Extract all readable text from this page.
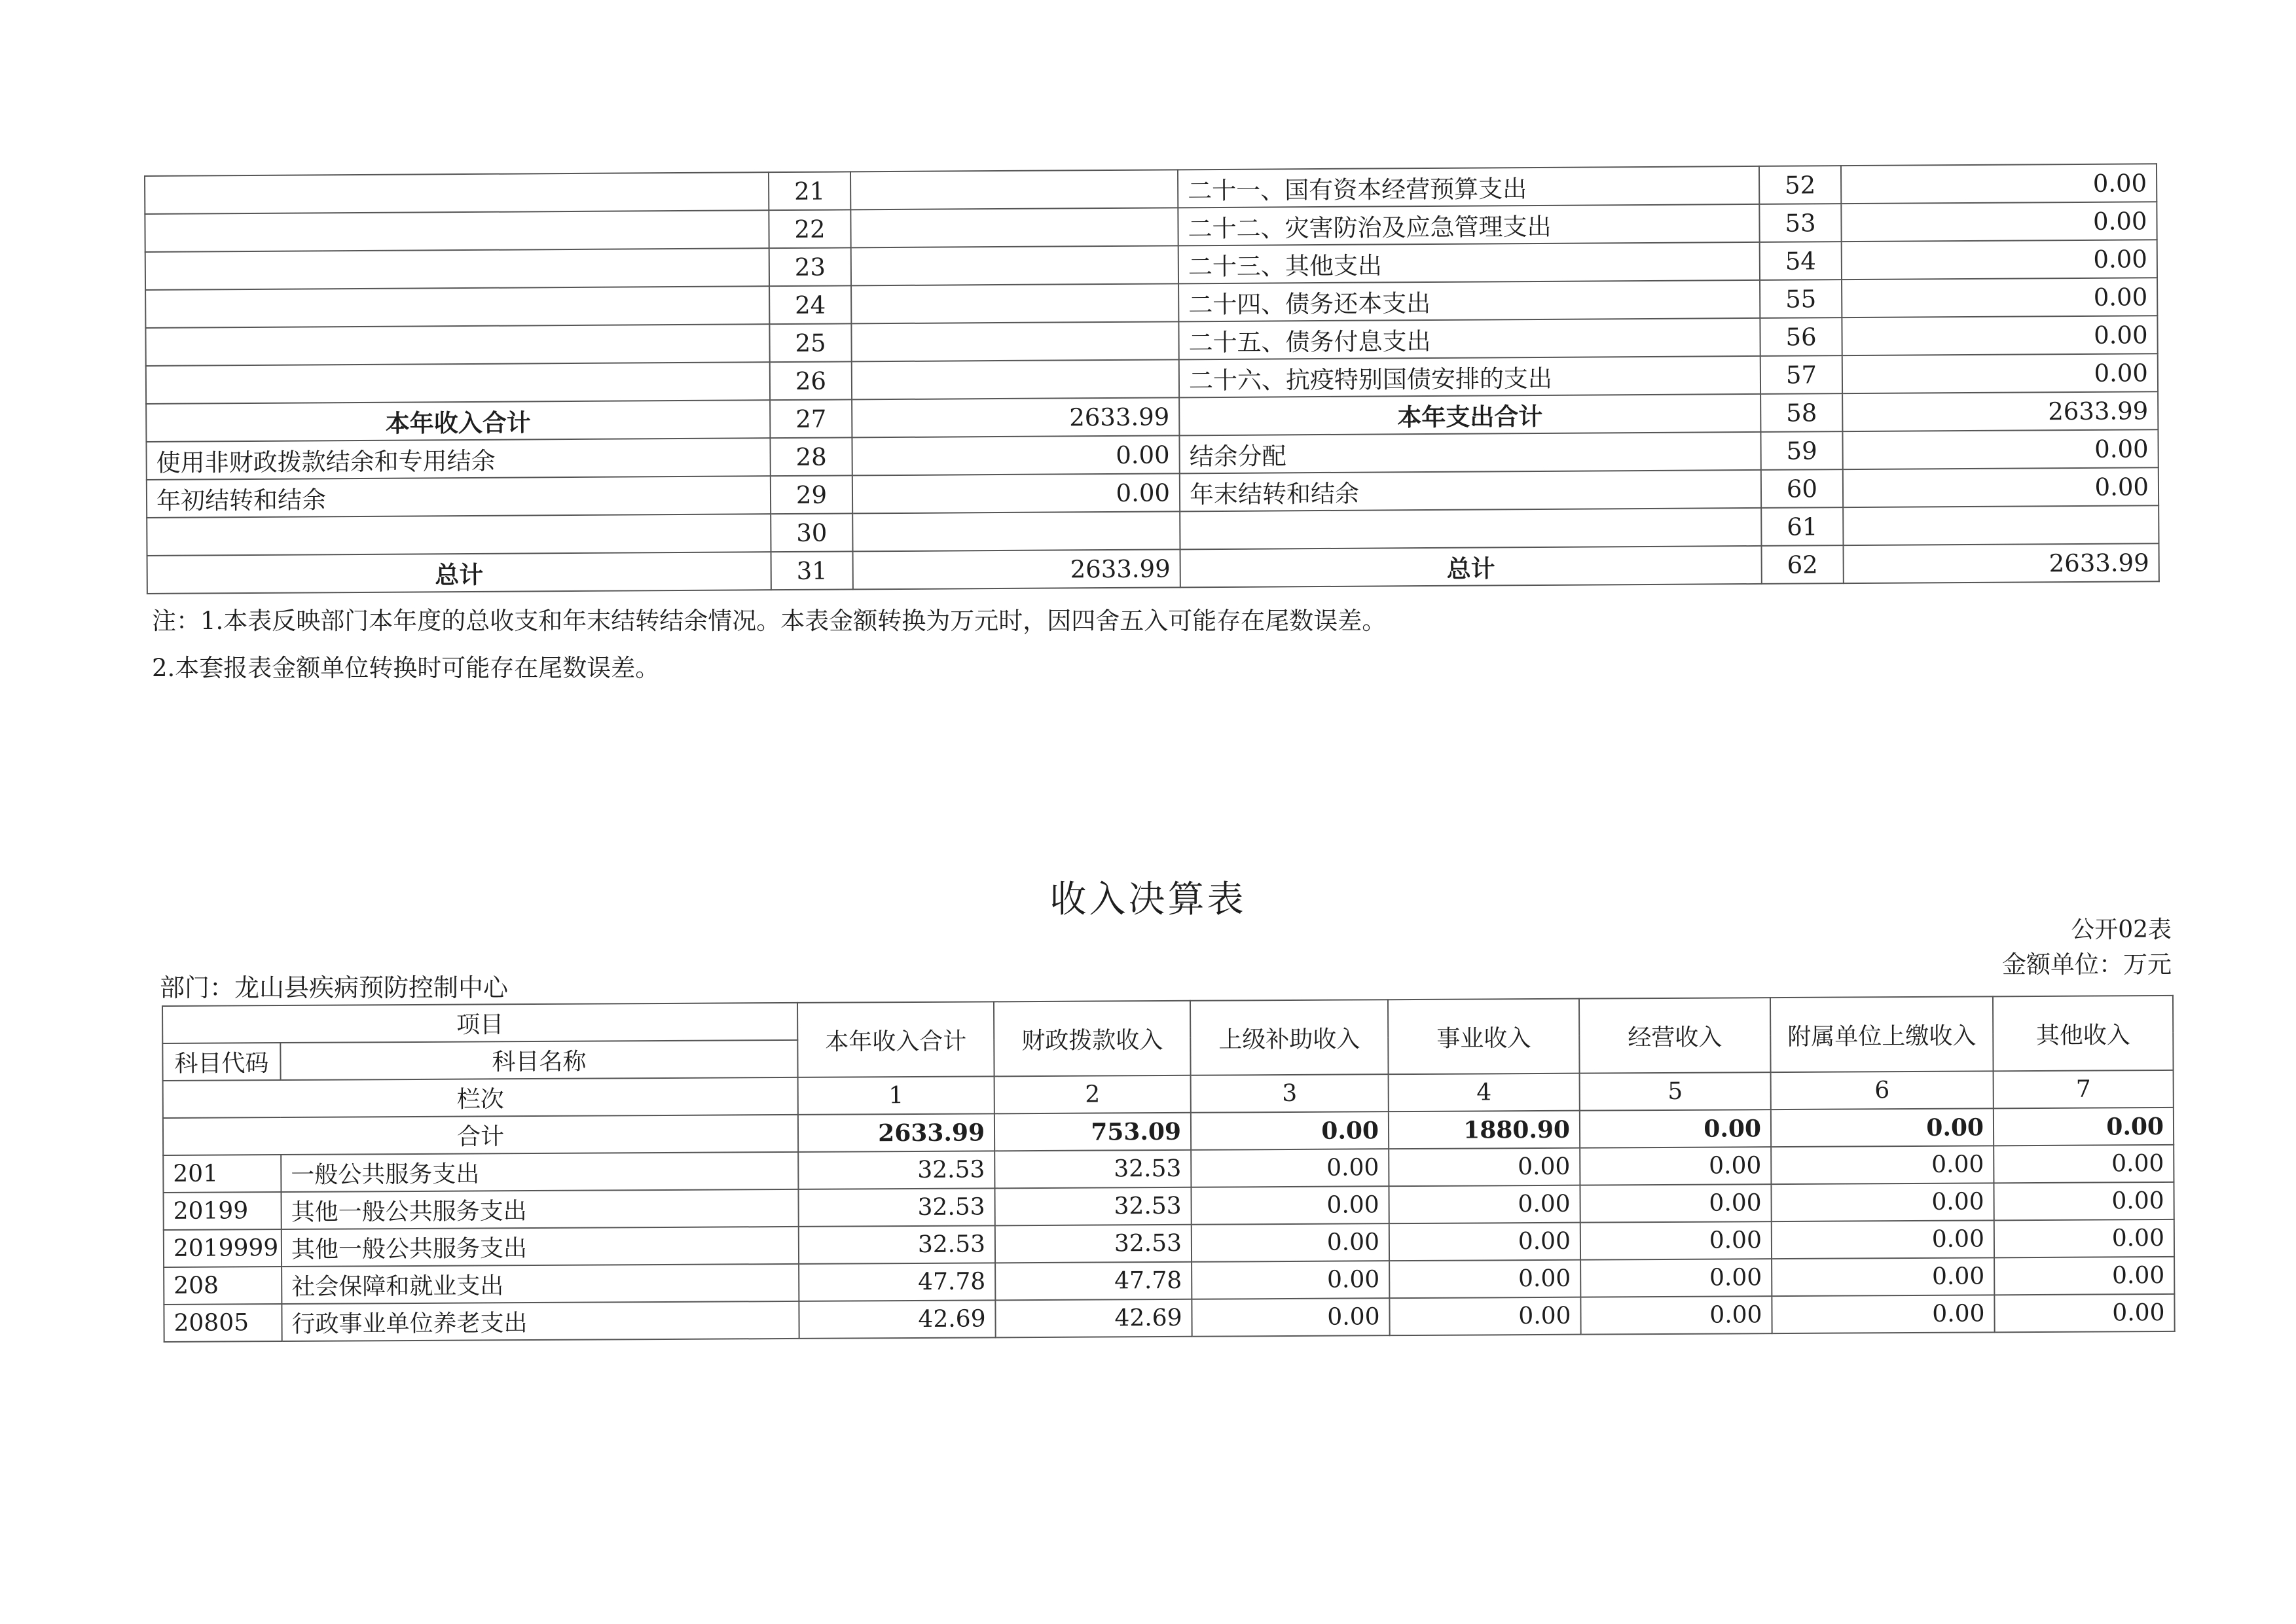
	21		二十一、国有资本经营预算支出	52	0.00
	22		二十二、灾害防治及应急管理支出	53	0.00
	23		二十三、其他支出	54	0.00
	24		二十四、债务还本支出	55	0.00
	25		二十五、债务付息支出	56	0.00
	26		二十六、抗疫特别国债安排的支出	57	0.00
本年收入合计	27	2633.99	本年支出合计	58	2633.99
使用非财政拨款结余和专用结余	28	0.00	结余分配	59	0.00
年初结转和结余	29	0.00	年末结转和结余	60	0.00
	30			61	
总计	31	2633.99	总计	62	2633.99
注：1.本表反映部门本年度的总收支和年末结转结余情况。本表金额转换为万元时，因四舍五入可能存在尾数误差。
2.本套报表金额单位转换时可能存在尾数误差。
收入决算表
公开02表
金额单位：万元
部门：龙山县疾病预防控制中心
项目		本年收入合计	财政拨款收入	上级补助收入	事业收入	经营收入	附属单位上缴收入	其他收入
科目代码	科目名称							
栏次		1	2	3	4	5	6	7
合计		2633.99	753.09	0.00	1880.90	0.00	0.00	0.00
201	一般公共服务支出	32.53	32.53	0.00	0.00	0.00	0.00	0.00
20199	其他一般公共服务支出	32.53	32.53	0.00	0.00	0.00	0.00	0.00
2019999	其他一般公共服务支出	32.53	32.53	0.00	0.00	0.00	0.00	0.00
208	社会保障和就业支出	47.78	47.78	0.00	0.00	0.00	0.00	0.00
20805	行政事业单位养老支出	42.69	42.69	0.00	0.00	0.00	0.00	0.00
